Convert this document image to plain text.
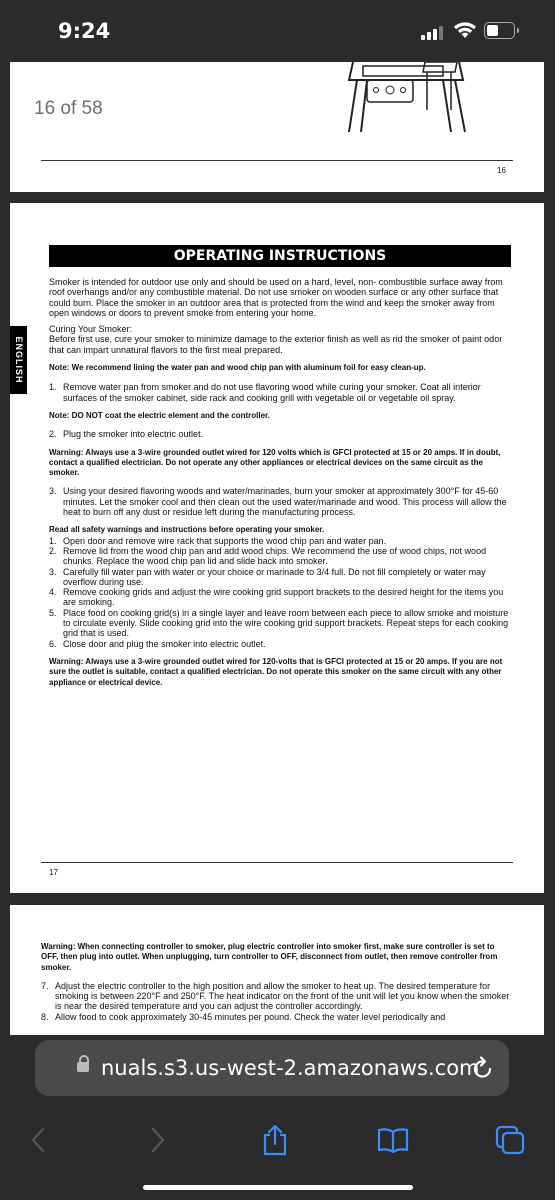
9:24
16 of 58
16
OPERATING INSTRUCTIONS
ENGLISH

Smoker is intended for outdoor use only and should be used on a hard, level, non- combustible surface away from roof overhangs and/or any combustible material. Do not use smoker on wooden surface or any other surface that could burn. Place the smoker in an outdoor area that is protected from the wind and keep the smoker away from open windows or doors to prevent smoke from entering your home.

Curing Your Smoker:

Before first use, cure your smoker to minimize damage to the exterior finish as well as rid the smoker of paint odor that can impart unnatural flavors to the first meal prepared.

Note: We recommend lining the water pan and wood chip pan with aluminum foil for easy clean-up.

1. Remove water pan from smoker and do not use flavoring wood while curing your smoker. Coat all interior surfaces of the smoker cabinet, side rack and cooking grill with vegetable oil or vegetable oil spray.

Note: DO NOT coat the electric element and the controller.

2. Plug the smoker into electric outlet.

Warning: Always use a 3-wire grounded outlet wired for 120 volts which is GFCI protected at 15 or 20 amps. If in doubt, contact a qualified electrician. Do not operate any other appliances or electrical devices on the same circuit as the smoker.

3. Using your desired flavoring woods and water/marinades, burn your smoker at approximately 300°F for 45-60 minutes. Let the smoker cool and then clean out the used water/marinade and wood. This process will allow the heat to burn off any dust or residue left during the manufacturing process.

Read all safety warnings and instructions before operating your smoker.

1. Open door and remove wire rack that supports the wood chip pan and water pan.

2. Remove lid from the wood chip pan and add wood chips. We recommend the use of wood chips, not wood chunks. Replace the wood chip pan lid and slide back into smoker.

3. Carefully fill water pan with water or your choice or marinade to 3/4 full. Do not fill completely or water may overflow during use.

4. Remove cooking grids and adjust the wire cooking grid support brackets to the desired height for the items you are smoking.

5. Place food on cooking grid(s) in a single layer and leave room between each piece to allow smoke and moisture to circulate evenly. Slide cooking grid into the wire cooking grid support brackets. Repeat steps for each cooking grid that is used.

6. Close door and plug the smoker into electric outlet.

Warning: Always use a 3-wire grounded outlet wired for 120-volts that is GFCI protected at 15 or 20 amps. If you are not sure the outlet is suitable, contact a qualified electrician. Do not operate this smoker on the same circuit with any other appliance or electrical device.

17

Warning: When connecting controller to smoker, plug electric controller into smoker first, make sure controller is set to OFF, then plug into outlet. When unplugging, turn controller to OFF, disconnect from outlet, then remove controller from smoker.

7. Adjust the electric controller to the high position and allow the smoker to heat up. The desired temperature for smoking is between 220°F and 250°F. The heat indicator on the front of the unit will let you know when the smoker is near the desired temperature and you can adjust the controller accordingly.

8. Allow food to cook approximately 30-45 minutes per pound. Check the water level periodically and

nuals.s3.us-west-2.amazonaws.com
